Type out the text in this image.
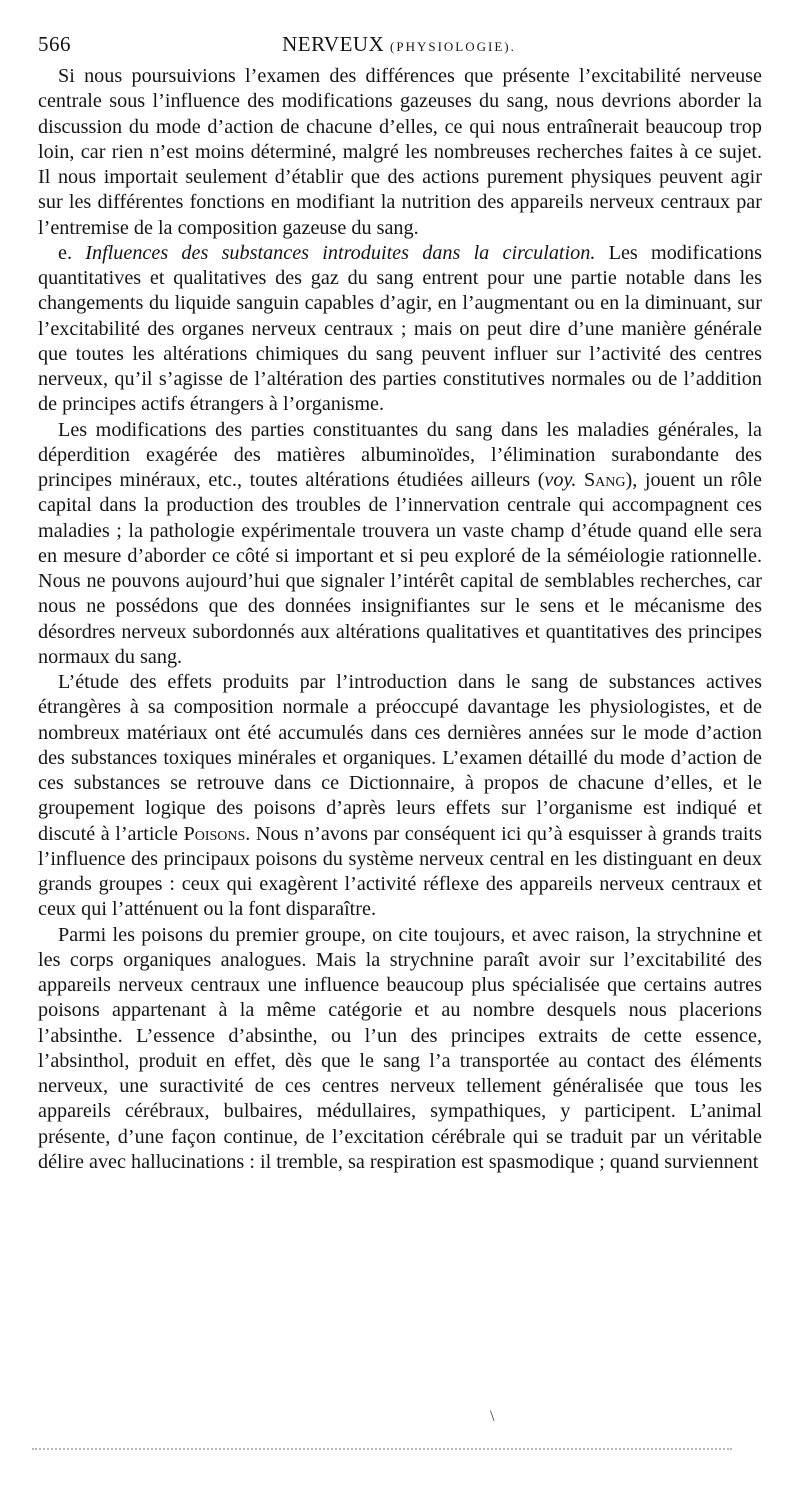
566	NERVEUX (PHYSIOLOGIE).

Si nous poursuivions l’examen des différences que présente l’excitabilité nerveuse centrale sous l’influence des modifications gazeuses du sang, nous devrions aborder la discussion du mode d’action de chacune d’elles, ce qui nous entraînerait beaucoup trop loin, car rien n’est moins déterminé, malgré les nombreuses recherches faites à ce sujet. Il nous importait seulement d’établir que des actions purement physiques peuvent agir sur les différentes fonctions en modifiant la nutrition des appareils nerveux centraux par l’entremise de la composition gazeuse du sang.

e. Influences des substances introduites dans la circulation. Les modifications quantitatives et qualitatives des gaz du sang entrent pour une partie notable dans les changements du liquide sanguin capables d’agir, en l’augmentant ou en la diminuant, sur l’excitabilité des organes nerveux centraux ; mais on peut dire d’une manière générale que toutes les altérations chimiques du sang peuvent influer sur l’activité des centres nerveux, qu’il s’agisse de l’altération des parties constitutives normales ou de l’addition de principes actifs étrangers à l’organisme.

Les modifications des parties constituantes du sang dans les maladies générales, la déperdition exagérée des matières albuminoïdes, l’élimination surabondante des principes minéraux, etc., toutes altérations étudiées ailleurs (voy. Sang), jouent un rôle capital dans la production des troubles de l’innervation centrale qui accompagnent ces maladies ; la pathologie expérimentale trouvera un vaste champ d’étude quand elle sera en mesure d’aborder ce côté si important et si peu exploré de la séméiologie rationnelle. Nous ne pouvons aujourd’hui que signaler l’intérêt capital de semblables recherches, car nous ne possédons que des données insignifiantes sur le sens et le mécanisme des désordres nerveux subordonnés aux altérations qualitatives et quantitatives des principes normaux du sang.

L’étude des effets produits par l’introduction dans le sang de substances actives étrangères à sa composition normale a préoccupé davantage les physiologistes, et de nombreux matériaux ont été accumulés dans ces dernières années sur le mode d’action des substances toxiques minérales et organiques. L’examen détaillé du mode d’action de ces substances se retrouve dans ce Dictionnaire, à propos de chacune d’elles, et le groupement logique des poisons d’après leurs effets sur l’organisme est indiqué et discuté à l’article Poisons. Nous n’avons par conséquent ici qu’à esquisser à grands traits l’influence des principaux poisons du système nerveux central en les distinguant en deux grands groupes : ceux qui exagèrent l’activité réflexe des appareils nerveux centraux et ceux qui l’atténuent ou la font disparaître.

Parmi les poisons du premier groupe, on cite toujours, et avec raison, la strychnine et les corps organiques analogues. Mais la strychnine paraît avoir sur l’excitabilité des appareils nerveux centraux une influence beaucoup plus spécialisée que certains autres poisons appartenant à la même catégorie et au nombre desquels nous placerions l’absinthe. L’essence d’absinthe, ou l’un des principes extraits de cette essence, l’absinthol, produit en effet, dès que le sang l’a transportée au contact des éléments nerveux, une suractivité de ces centres nerveux tellement généralisée que tous les appareils cérébraux, bulbaires, médullaires, sympathiques, y participent. L’animal présente, d’une façon continue, de l’excitation cérébrale qui se traduit par un véritable délire avec hallucinations : il tremble, sa respiration est spasmodique ; quand surviennent

\
